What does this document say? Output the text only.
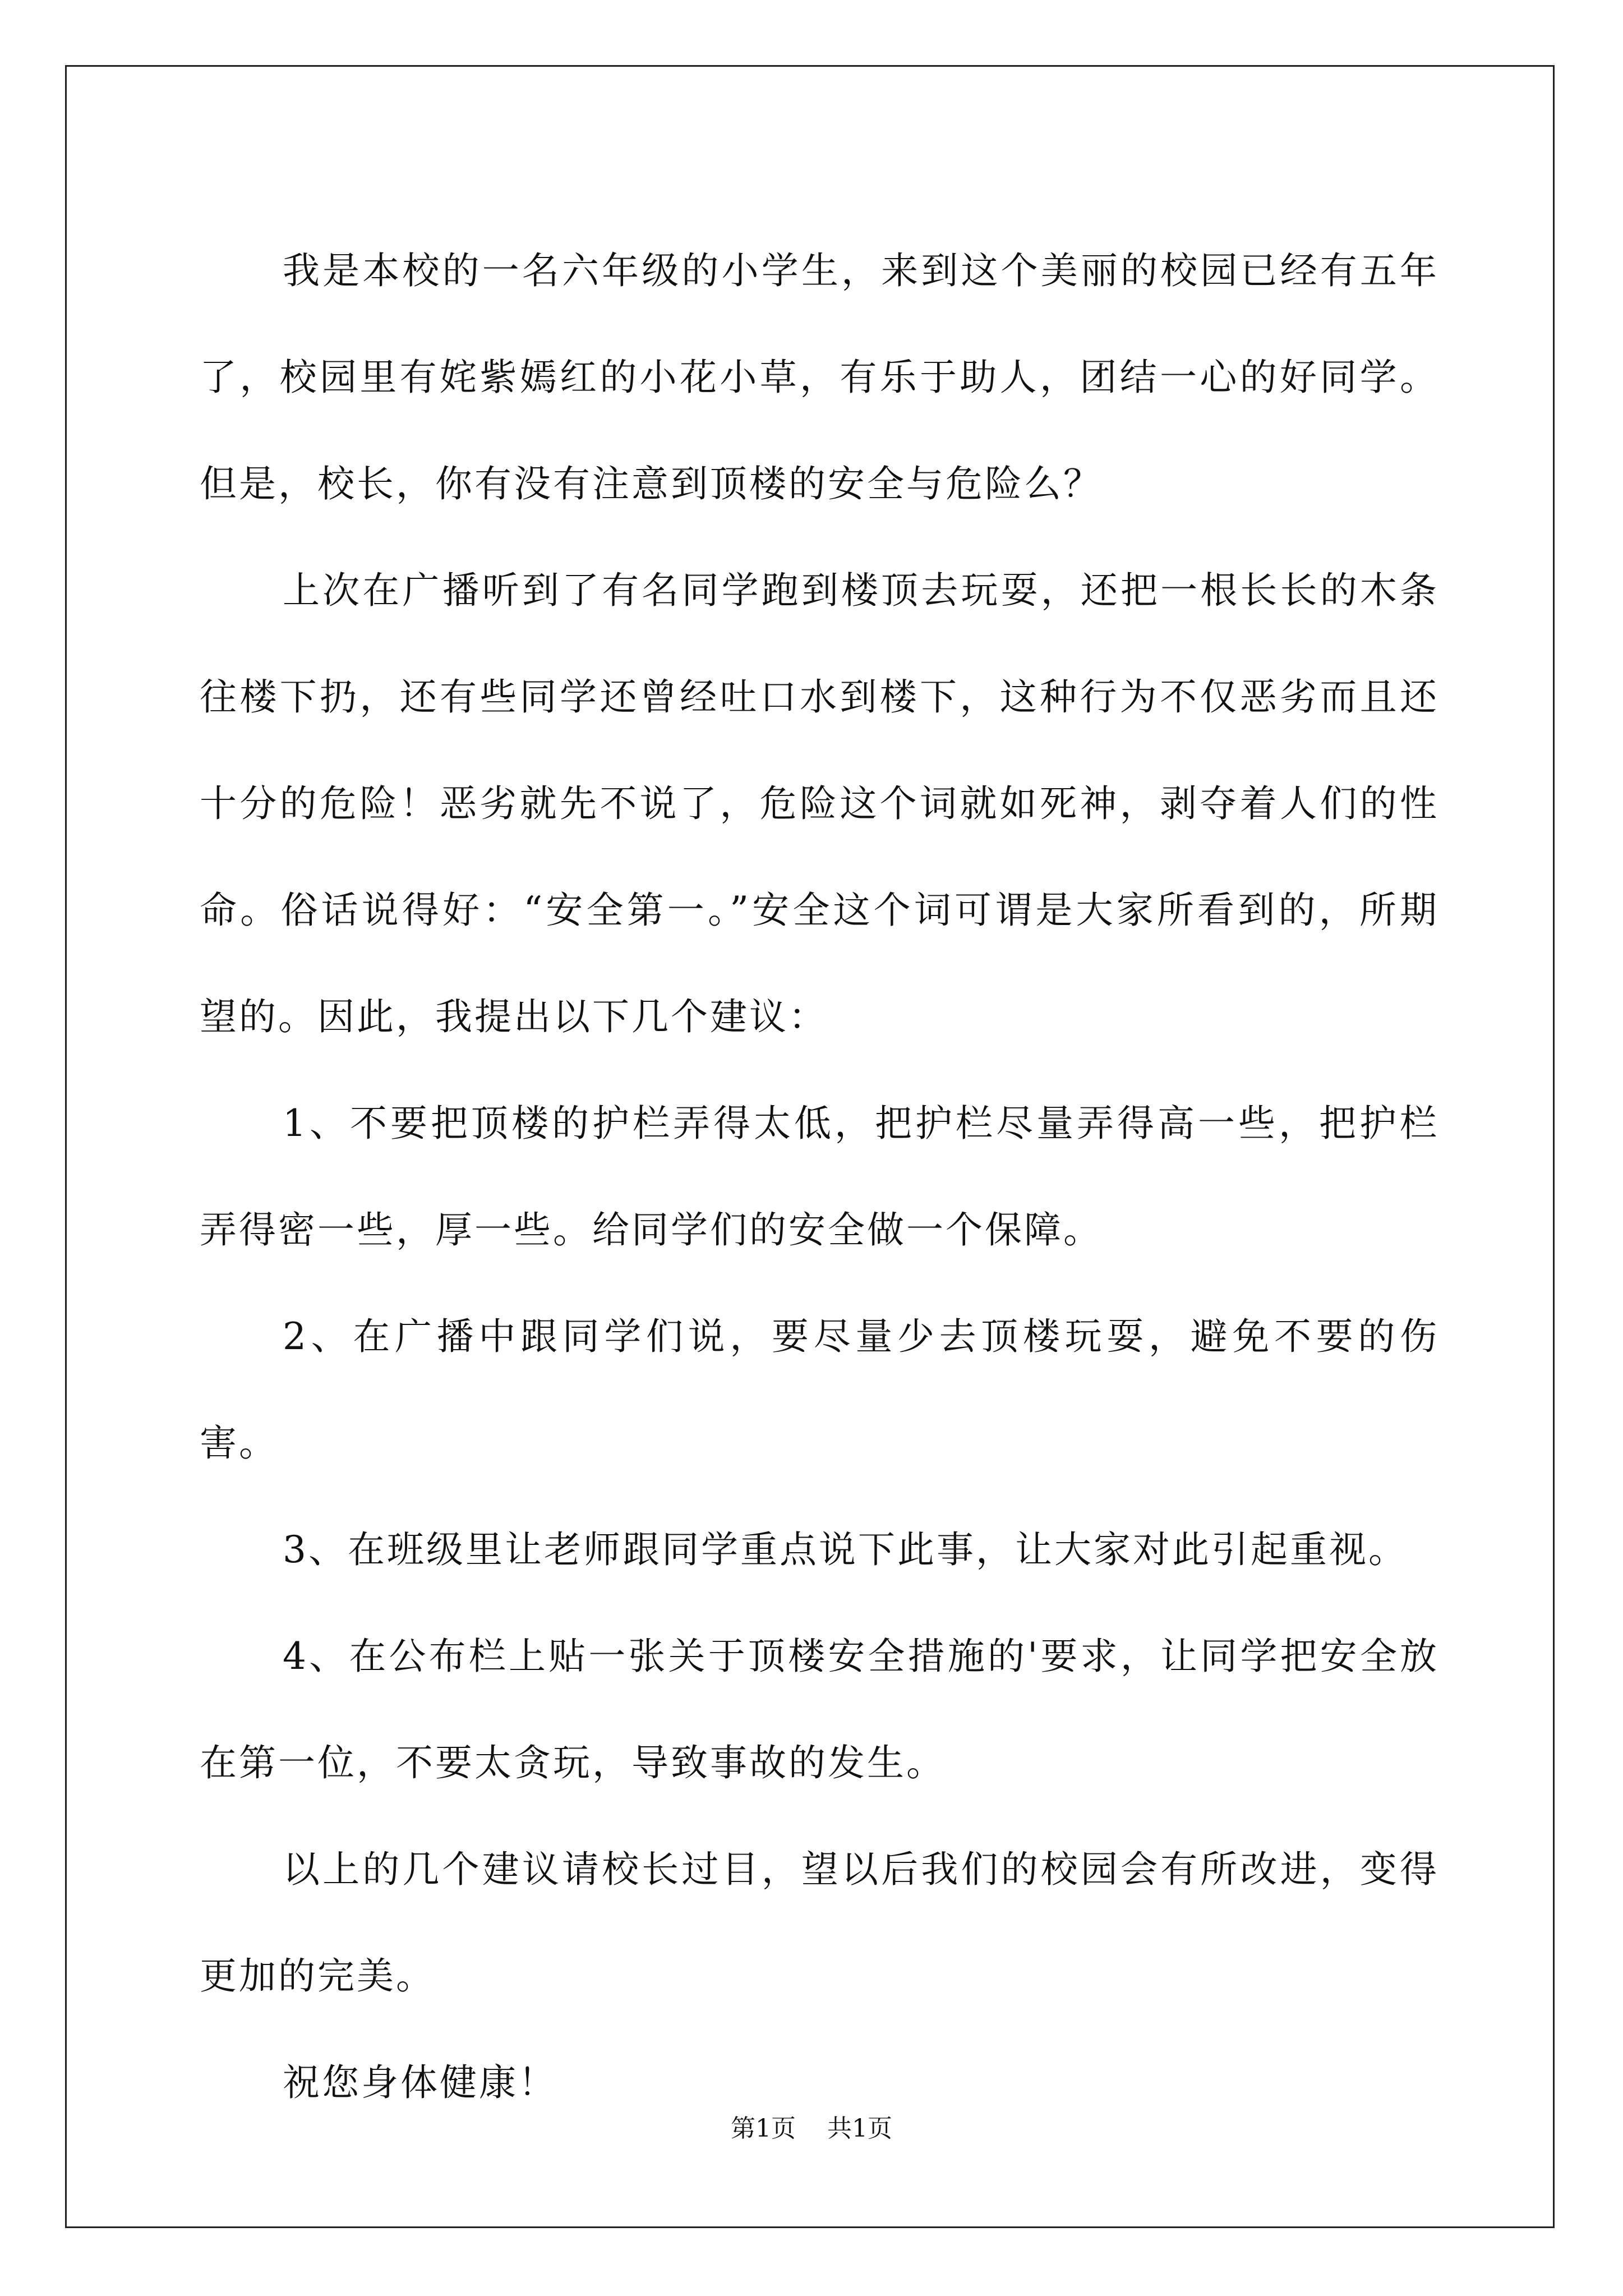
我是本校的一名六年级的小学生，来到这个美丽的校园已经有五年了，校园里有姹紫嫣红的小花小草，有乐于助人，团结一心的好同学。但是，校长，你有没有注意到顶楼的安全与危险么？

上次在广播听到了有名同学跑到楼顶去玩耍，还把一根长长的木条往楼下扔，还有些同学还曾经吐口水到楼下，这种行为不仅恶劣而且还十分的危险！恶劣就先不说了，危险这个词就如死神，剥夺着人们的性命。俗话说得好：“安全第一。”安全这个词可谓是大家所看到的，所期望的。因此，我提出以下几个建议：

1、不要把顶楼的护栏弄得太低，把护栏尽量弄得高一些，把护栏弄得密一些，厚一些。给同学们的安全做一个保障。

2、在广播中跟同学们说，要尽量少去顶楼玩耍，避免不要的伤害。

3、在班级里让老师跟同学重点说下此事，让大家对此引起重视。

4、在公布栏上贴一张关于顶楼安全措施的'要求，让同学把安全放在第一位，不要太贪玩，导致事故的发生。

以上的几个建议请校长过目，望以后我们的校园会有所改进，变得更加的完美。

祝您身体健康！

第1页 共1页
